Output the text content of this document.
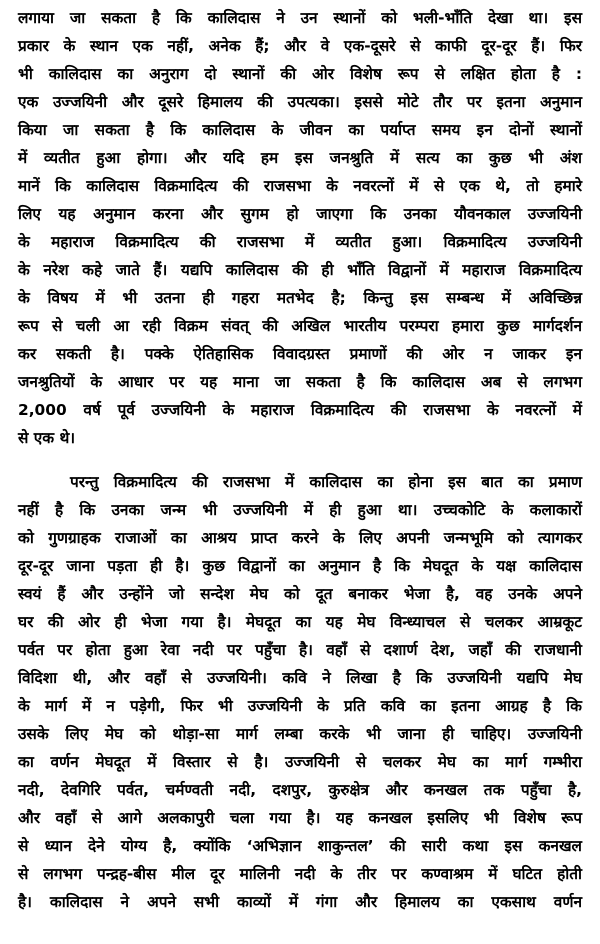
लगाया जा सकता है कि कालिदास ने उन स्थानों को भली-भाँति देखा था। इस
प्रकार के स्थान एक नहीं, अनेक हैं; और वे एक-दूसरे से काफी दूर-दूर हैं। फिर
भी कालिदास का अनुराग दो स्थानों की ओर विशेष रूप से लक्षित होता है :
एक उज्जयिनी और दूसरे हिमालय की उपत्यका। इससे मोटे तौर पर इतना अनुमान
किया जा सकता है कि कालिदास के जीवन का पर्याप्त समय इन दोनों स्थानों
में व्यतीत हुआ होगा। और यदि हम इस जनश्रुति में सत्य का कुछ भी अंश
मानें कि कालिदास विक्रमादित्य की राजसभा के नवरत्नों में से एक थे, तो हमारे
लिए यह अनुमान करना और सुगम हो जाएगा कि उनका यौवनकाल उज्जयिनी
के महाराज विक्रमादित्य की राजसभा में व्यतीत हुआ। विक्रमादित्य उज्जयिनी
के नरेश कहे जाते हैं। यद्यपि कालिदास की ही भाँति विद्वानों में महाराज विक्रमादित्य
के विषय में भी उतना ही गहरा मतभेद है; किन्तु इस सम्बन्ध में अविच्छिन्न
रूप से चली आ रही विक्रम संवत् की अखिल भारतीय परम्परा हमारा कुछ मार्गदर्शन
कर सकती है। पक्के ऐतिहासिक विवादग्रस्त प्रमाणों की ओर न जाकर इन
जनश्रुतियों के आधार पर यह माना जा सकता है कि कालिदास अब से लगभग
2,000 वर्ष पूर्व उज्जयिनी के महाराज विक्रमादित्य की राजसभा के नवरत्नों में
से एक थे।
परन्तु विक्रमादित्य की राजसभा में कालिदास का होना इस बात का प्रमाण
नहीं है कि उनका जन्म भी उज्जयिनी में ही हुआ था। उच्चकोटि के कलाकारों
को गुणग्राहक राजाओं का आश्रय प्राप्त करने के लिए अपनी जन्मभूमि को त्यागकर
दूर-दूर जाना पड़ता ही है। कुछ विद्वानों का अनुमान है कि मेघदूत के यक्ष कालिदास
स्वयं हैं और उन्होंने जो सन्देश मेघ को दूत बनाकर भेजा है, वह उनके अपने
घर की ओर ही भेजा गया है। मेघदूत का यह मेघ विन्ध्याचल से चलकर आम्रकूट
पर्वत पर होता हुआ रेवा नदी पर पहुँचा है। वहाँ से दशार्ण देश, जहाँ की राजधानी
विदिशा थी, और वहाँ से उज्जयिनी। कवि ने लिखा है कि उज्जयिनी यद्यपि मेघ
के मार्ग में न पड़ेगी, फिर भी उज्जयिनी के प्रति कवि का इतना आग्रह है कि
उसके लिए मेघ को थोड़ा-सा मार्ग लम्बा करके भी जाना ही चाहिए। उज्जयिनी
का वर्णन मेघदूत में विस्तार से है। उज्जयिनी से चलकर मेघ का मार्ग गम्भीरा
नदी, देवगिरि पर्वत, चर्मण्वती नदी, दशपुर, कुरुक्षेत्र और कनखल तक पहुँचा है,
और वहाँ से आगे अलकापुरी चला गया है। यह कनखल इसलिए भी विशेष रूप
से ध्यान देने योग्य है, क्योंकि ‘अभिज्ञान शाकुन्तल’ की सारी कथा इस कनखल
से लगभग पन्द्रह-बीस मील दूर मालिनी नदी के तीर पर कण्वाश्रम में घटित होती
है। कालिदास ने अपने सभी काव्यों में गंगा और हिमालय का एकसाथ वर्णन
